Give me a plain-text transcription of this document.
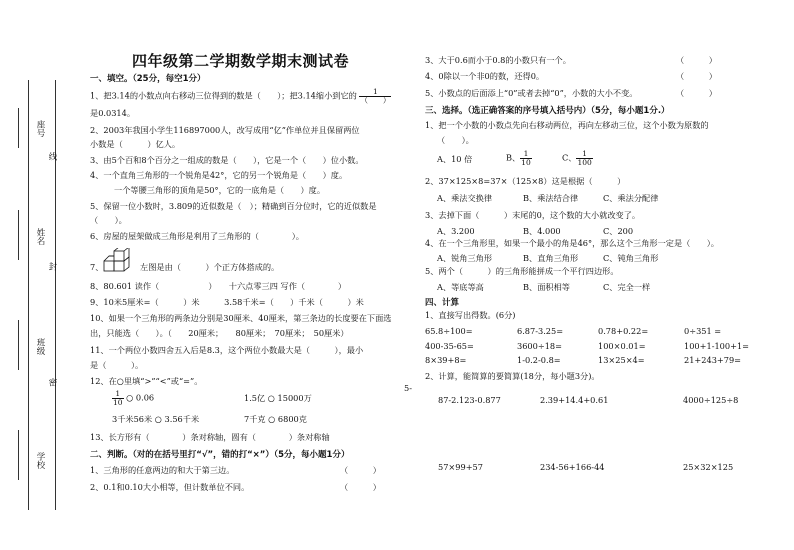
座号
姓名
班级
学校
线
封
密
四年级第二学期数学期末测试卷
一、填空。（25分，每空1分）
1、把3.14的小数点向右移动三位得到的数是（　　）；把3.14缩小到它的 $\frac{1}{( )}$
是0.0314。
2、2003年我国小学生116897000人，改写成用“亿”作单位并且保留两位
小数是（　　　）亿人。
3、由5个百和8个百分之一组成的数是（　　），它是一个（　　）位小数。
4、一个直角三角形的一个锐角是42°，它的另一个锐角是（　　）度。
一个等腰三角形的顶角是50°，它的一底角是（　　）度。
5、保留一位小数时，3.809的近似数是（　）；精确到百分位时，它的近似数是
（　　）。
6、房屋的屋架做成三角形是利用了三角形的（　　　　）。
7、	左图是由（　　　）个正方体搭成的。
8、80.601 读作（　　　　　　）　　十六点零三四 写作（　　　　）
9、10米5厘米=（　　　）米　　　3.58千米=（　　）千米（　　　）米
10、如果一个三角形的两条边分别是30厘米、40厘米，第三条边的长度要在下面选
出，只能选（　　）。（　　20厘米；　　80厘米；　70厘米；　50厘米）
11、一个两位小数四舍五入后是8.3，这个两位小数最大是（　　　），最小
是（　　　）。
12、在○里填“>”“<”或“=”。
$\frac{1}{10}$ ○ 0.06	1.5亿 ○ 15000万
3千米56米 ○ 3.56千米	7千克 ○ 6800克
13、长方形有（　　　　）条对称轴，圆有（　　　　）条对称轴
二、判断。（对的在括号里打“√”，错的打“×”）（5分，每小题1分）
1、三角形的任意两边的和大于第三边。	（　　　）
2、0.1和0.10大小相等，但计数单位不同。	（　　　）
5-
3、大于0.6而小于0.8的小数只有一个。	（　　　）
4、0除以一个非0的数，还得0。	（　　　）
5、小数点的后面添上“0”或者去掉“0”，小数的大小不变。	（　　　）
三、选择。（选正确答案的序号填入括号内）（5分，每小题1分.）
1、把一个小数的小数点先向右移动两位，再向左移动三位，这个小数为原数的
（　　）。
A、10 倍	B、 $\frac{1}{10}$	C、 $\frac{1}{100}$
2、37×125×8=37×（125×8）这是根据（　　　）
A、乘法交换律	B、乘法结合律	C、乘法分配律
3、去掉下面（　　　）末尾的0，这个数的大小就改变了。
A、3.200	B、4.000	C、200
4、在一个三角形里，如果一个最小的角是46°，那么这个三角形一定是（　　）。
A、锐角三角形	B、直角三角形	C、钝角三角形
5、两个（　　　）的三角形能拼成一个平行四边形。
A、等底等高	B、面积相等	C、完全一样
四、计算
1、直接写出得数。(6分)
65.8÷100=	6.87-3.25=	0.78+0.22=	0÷351 =
400-35-65=	3600÷18=	100×0.01=	100+1-100+1=
8×39+8=	1-0.2-0.8=	13×25×4=	21+243+79=
2、计算，能简算的要简算(18分，每小题3分)。
87-2.123-0.877	2.39+14.4+0.61	4000÷125÷8
57×99+57	234-56+166-44	25×32×125
